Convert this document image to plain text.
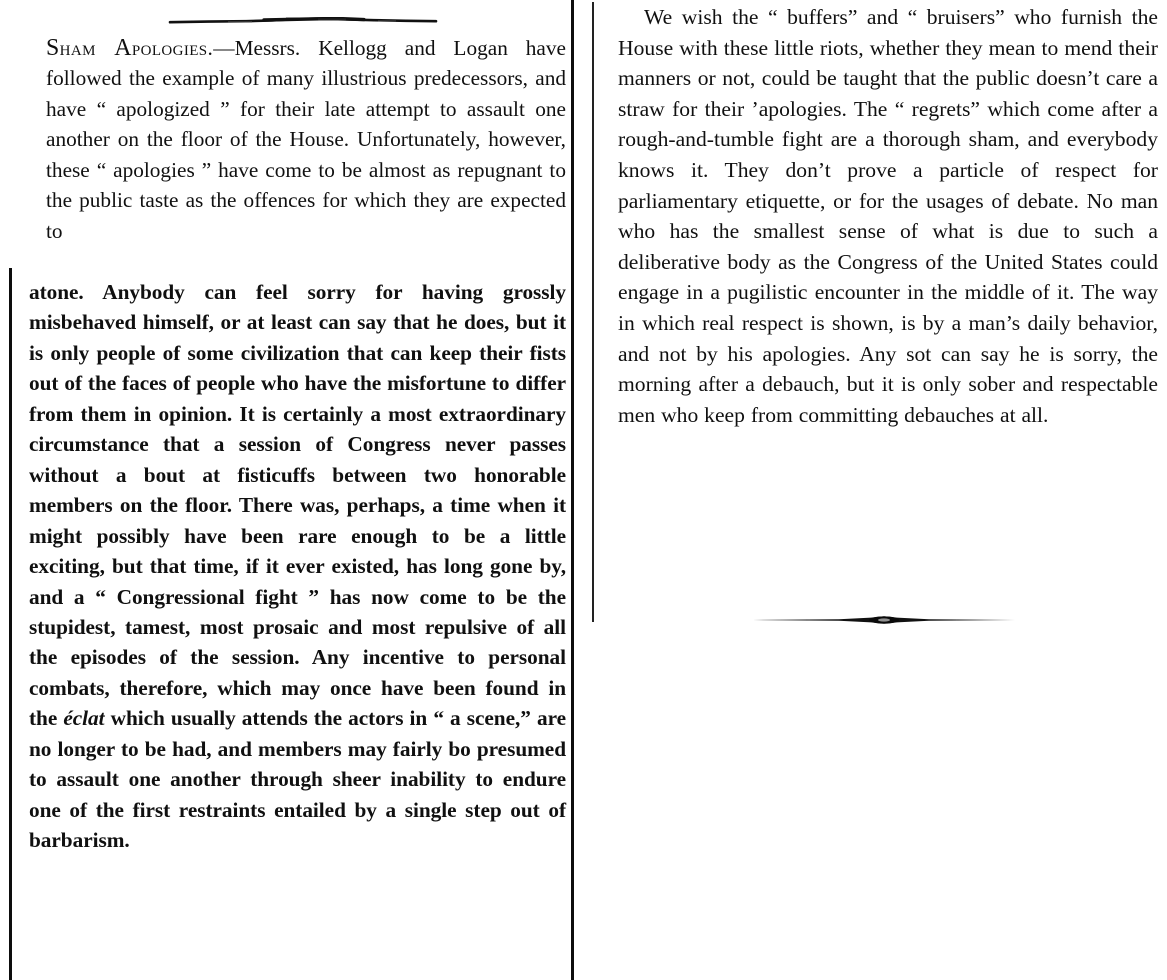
Sham Apologies.—Messrs. Kellogg and Logan have followed the example of many illustrious predecessors, and have “ apologized ” for their late attempt to assault one another on the floor of the House. Unfortunately, however, these “ apologies ” have come to be almost as repugnant to the public taste as the offences for which they are expected to

atone. Anybody can feel sorry for having grossly misbehaved himself, or at least can say that he does, but it is only people of some civilization that can keep their fists out of the faces of people who have the misfortune to differ from them in opinion. It is certainly a most extraordinary circumstance that a session of Congress never passes without a bout at fisticuffs between two honorable members on the floor. There was, perhaps, a time when it might possibly have been rare enough to be a little exciting, but that time, if it ever existed, has long gone by, and a “ Congressional fight ” has now come to be the stupidest, tamest, most prosaic and most repulsive of all the episodes of the session. Any incentive to personal combats, therefore, which may once have been found in the éclat which usually attends the actors in “ a scene,” are no longer to be had, and members may fairly bo presumed to assault one another through sheer inability to endure one of the first restraints entailed by a single step out of barbarism.

We wish the “ buffers” and “ bruisers” who furnish the House with these little riots, whether they mean to mend their manners or not, could be taught that the public doesn’t care a straw for their ’apologies. The “ regrets” which come after a rough-and-tumble fight are a thorough sham, and everybody knows it. They don’t prove a particle of respect for parliamentary etiquette, or for the usages of debate. No man who has the smallest sense of what is due to such a deliberative body as the Congress of the United States could engage in a pugilistic encounter in the middle of it. The way in which real respect is shown, is by a man’s daily behavior, and not by his apologies. Any sot can say he is sorry, the morning after a debauch, but it is only sober and respectable men who keep from committing debauches at all.
